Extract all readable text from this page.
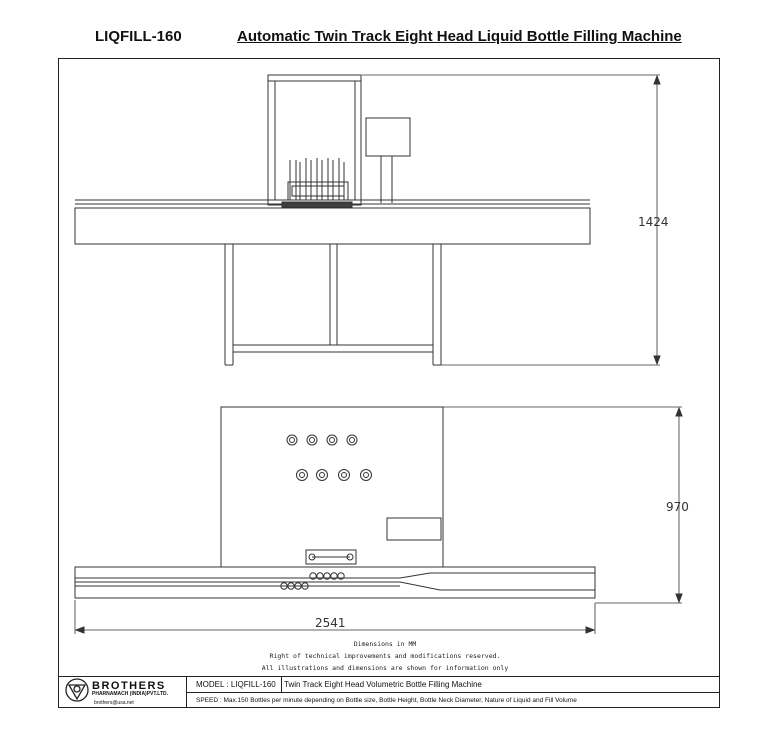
LIQFILL-160	Automatic Twin Track Eight Head Liquid Bottle Filling Machine
1424
970
2541
Dimensions in MM
Right of technical improvements and modifications reserved.
All illustrations and dimensions are shown for information only
BROTHERS
PHARNAMACH (INDIA)PVT.LTD.
brothers@usa.net
MODEL : LIQFILL-160	Twin Track Eight Head Volumetric Bottle Filling Machine
SPEED : Max.150 Bottles per minute depending on Bottle size, Bottle Height, Bottle Neck Diameter, Nature of Liquid and Fill Volume
